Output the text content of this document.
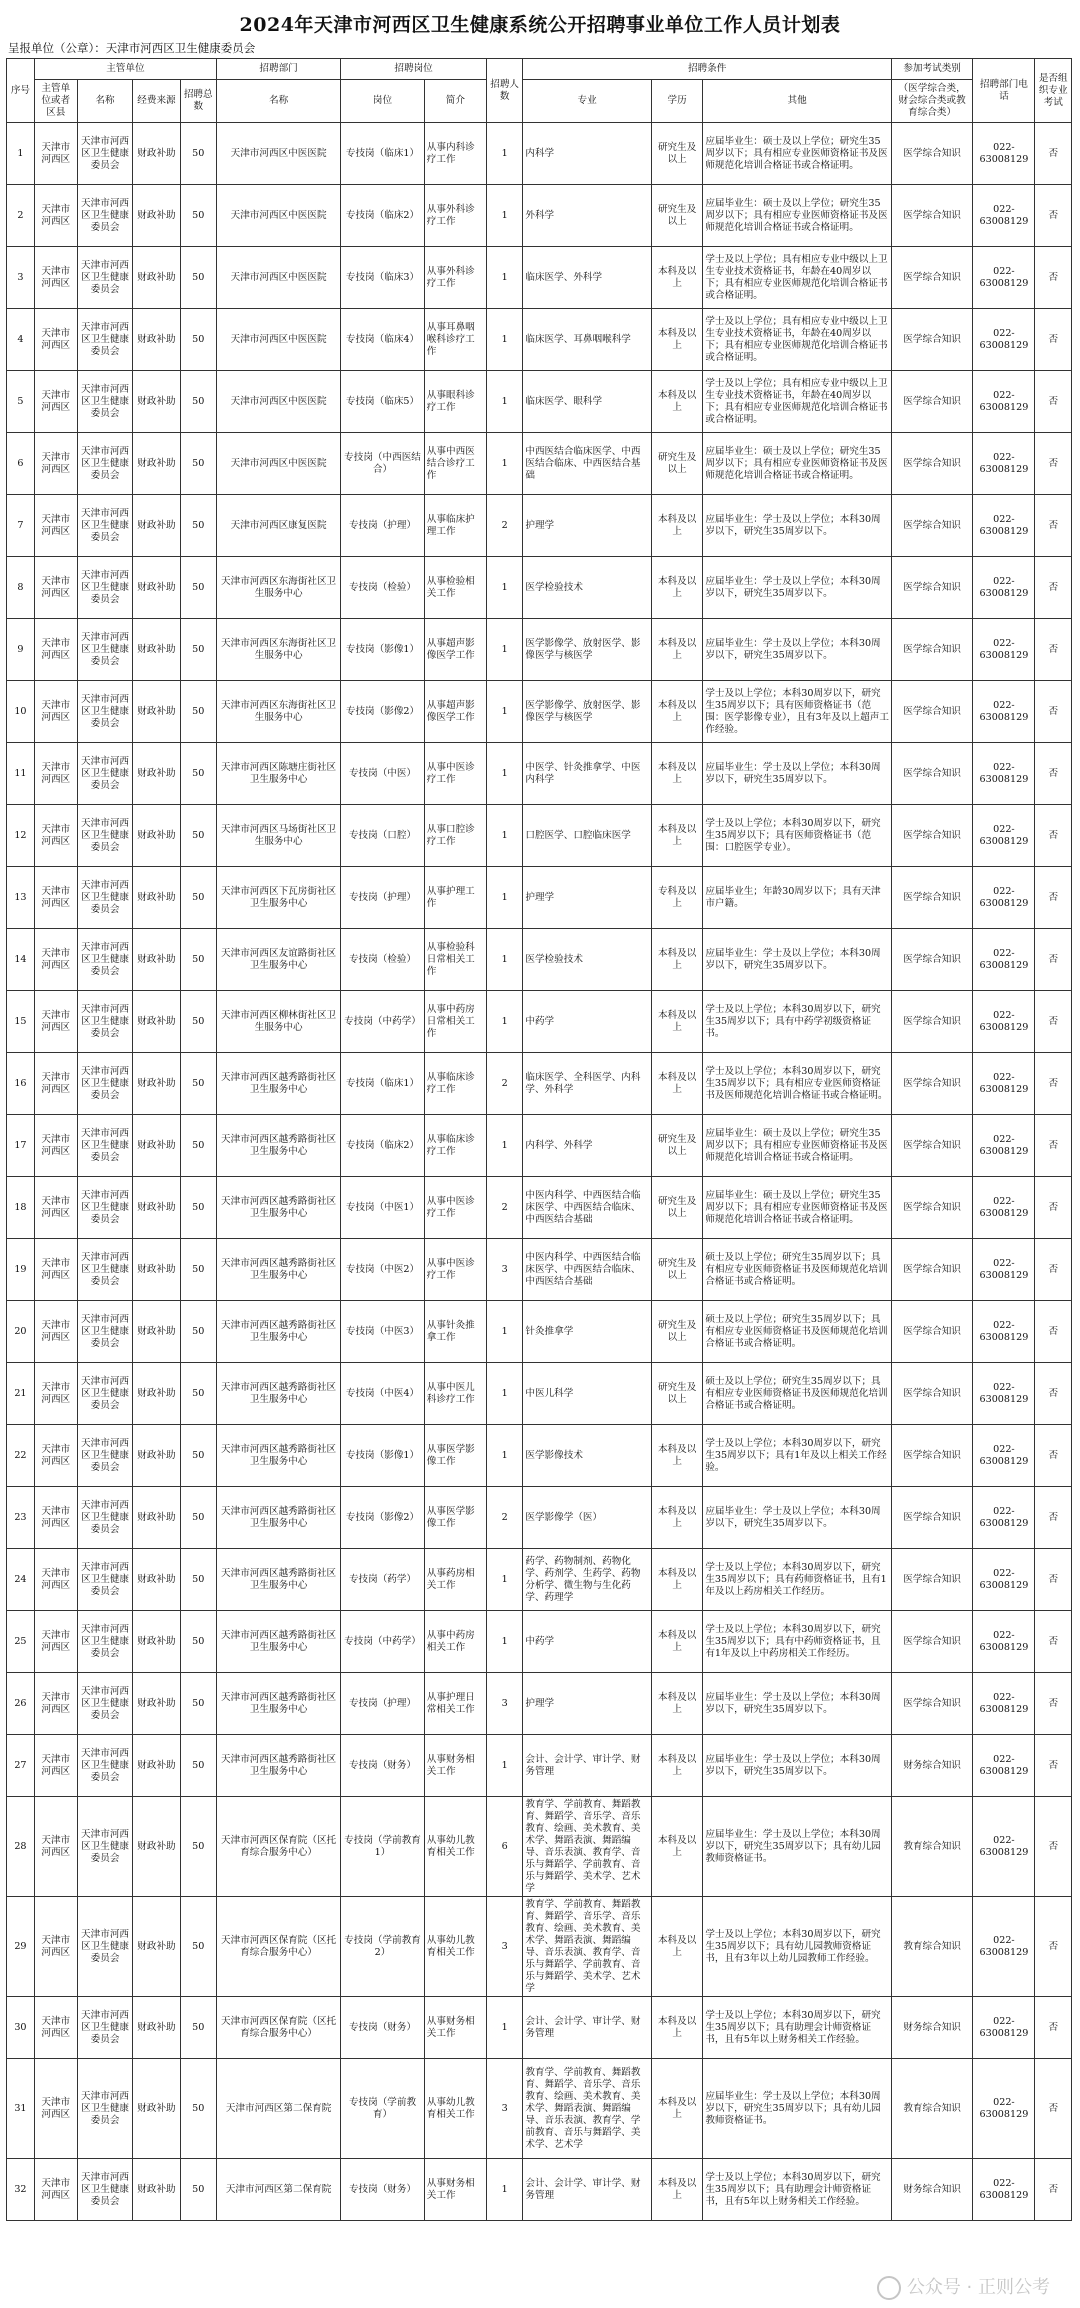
2024年天津市河西区卫生健康系统公开招聘事业单位工作人员计划表
呈报单位（公章）：天津市河西区卫生健康委员会
序号	主管单位				招聘部门	招聘岗位		招聘人数	招聘条件			参加考试类别	招聘部门电话	是否组织专业考试
	主管单位或者区县	名称	经费来源	招聘总数	名称	岗位	简介		专业	学历	其他	（医学综合类，财会综合类或教育综合类）		
1	天津市河西区	天津市河西区卫生健康委员会	财政补助	50	天津市河西区中医医院	专技岗（临床1）	从事内科诊疗工作	1	内科学	研究生及以上	应届毕业生：硕士及以上学位；研究生35周岁以下；具有相应专业医师资格证书及医师规范化培训合格证书或合格证明。	医学综合知识	022-63008129	否
2	天津市河西区	天津市河西区卫生健康委员会	财政补助	50	天津市河西区中医医院	专技岗（临床2）	从事外科诊疗工作	1	外科学	研究生及以上	应届毕业生：硕士及以上学位；研究生35周岁以下；具有相应专业医师资格证书及医师规范化培训合格证书或合格证明。	医学综合知识	022-63008129	否
3	天津市河西区	天津市河西区卫生健康委员会	财政补助	50	天津市河西区中医医院	专技岗（临床3）	从事外科诊疗工作	1	临床医学、外科学	本科及以上	学士及以上学位；具有相应专业中级以上卫生专业技术资格证书，年龄在40周岁以下；具有相应专业医师规范化培训合格证书或合格证明。	医学综合知识	022-63008129	否
4	天津市河西区	天津市河西区卫生健康委员会	财政补助	50	天津市河西区中医医院	专技岗（临床4）	从事耳鼻咽喉科诊疗工作	1	临床医学、耳鼻咽喉科学	本科及以上	学士及以上学位；具有相应专业中级以上卫生专业技术资格证书，年龄在40周岁以下；具有相应专业医师规范化培训合格证书或合格证明。	医学综合知识	022-63008129	否
5	天津市河西区	天津市河西区卫生健康委员会	财政补助	50	天津市河西区中医医院	专技岗（临床5）	从事眼科诊疗工作	1	临床医学、眼科学	本科及以上	学士及以上学位；具有相应专业中级以上卫生专业技术资格证书，年龄在40周岁以下；具有相应专业医师规范化培训合格证书或合格证明。	医学综合知识	022-63008129	否
6	天津市河西区	天津市河西区卫生健康委员会	财政补助	50	天津市河西区中医医院	专技岗（中西医结合）	从事中西医结合诊疗工作	1	中西医结合临床医学、中西医结合临床、中西医结合基础	研究生及以上	应届毕业生：硕士及以上学位；研究生35周岁以下；具有相应专业医师资格证书及医师规范化培训合格证书或合格证明。	医学综合知识	022-63008129	否
7	天津市河西区	天津市河西区卫生健康委员会	财政补助	50	天津市河西区康复医院	专技岗（护理）	从事临床护理工作	2	护理学	本科及以上	应届毕业生：学士及以上学位；本科30周岁以下，研究生35周岁以下。	医学综合知识	022-63008129	否
8	天津市河西区	天津市河西区卫生健康委员会	财政补助	50	天津市河西区东海街社区卫生服务中心	专技岗（检验）	从事检验相关工作	1	医学检验技术	本科及以上	应届毕业生：学士及以上学位；本科30周岁以下，研究生35周岁以下。	医学综合知识	022-63008129	否
9	天津市河西区	天津市河西区卫生健康委员会	财政补助	50	天津市河西区东海街社区卫生服务中心	专技岗（影像1）	从事超声影像医学工作	1	医学影像学、放射医学、影像医学与核医学	本科及以上	应届毕业生：学士及以上学位；本科30周岁以下，研究生35周岁以下。	医学综合知识	022-63008129	否
10	天津市河西区	天津市河西区卫生健康委员会	财政补助	50	天津市河西区东海街社区卫生服务中心	专技岗（影像2）	从事超声影像医学工作	1	医学影像学、放射医学、影像医学与核医学	本科及以上	学士及以上学位；本科30周岁以下，研究生35周岁以下；具有医师资格证书（范围：医学影像专业），且有3年及以上超声工作经验。	医学综合知识	022-63008129	否
11	天津市河西区	天津市河西区卫生健康委员会	财政补助	50	天津市河西区陈塘庄街社区卫生服务中心	专技岗（中医）	从事中医诊疗工作	1	中医学、针灸推拿学、中医内科学	本科及以上	应届毕业生：学士及以上学位；本科30周岁以下，研究生35周岁以下。	医学综合知识	022-63008129	否
12	天津市河西区	天津市河西区卫生健康委员会	财政补助	50	天津市河西区马场街社区卫生服务中心	专技岗（口腔）	从事口腔诊疗工作	1	口腔医学、口腔临床医学	本科及以上	学士及以上学位；本科30周岁以下，研究生35周岁以下；具有医师资格证书（范围：口腔医学专业）。	医学综合知识	022-63008129	否
13	天津市河西区	天津市河西区卫生健康委员会	财政补助	50	天津市河西区下瓦房街社区卫生服务中心	专技岗（护理）	从事护理工作	1	护理学	专科及以上	应届毕业生；年龄30周岁以下；具有天津市户籍。	医学综合知识	022-63008129	否
14	天津市河西区	天津市河西区卫生健康委员会	财政补助	50	天津市河西区友谊路街社区卫生服务中心	专技岗（检验）	从事检验科日常相关工作	1	医学检验技术	本科及以上	应届毕业生：学士及以上学位；本科30周岁以下，研究生35周岁以下。	医学综合知识	022-63008129	否
15	天津市河西区	天津市河西区卫生健康委员会	财政补助	50	天津市河西区柳林街社区卫生服务中心	专技岗（中药学）	从事中药房日常相关工作	1	中药学	本科及以上	学士及以上学位；本科30周岁以下，研究生35周岁以下；具有中药学初级资格证书。	医学综合知识	022-63008129	否
16	天津市河西区	天津市河西区卫生健康委员会	财政补助	50	天津市河西区越秀路街社区卫生服务中心	专技岗（临床1）	从事临床诊疗工作	2	临床医学、全科医学、内科学、外科学	本科及以上	学士及以上学位；本科30周岁以下，研究生35周岁以下；具有相应专业医师资格证书及医师规范化培训合格证书或合格证明。	医学综合知识	022-63008129	否
17	天津市河西区	天津市河西区卫生健康委员会	财政补助	50	天津市河西区越秀路街社区卫生服务中心	专技岗（临床2）	从事临床诊疗工作	1	内科学、外科学	研究生及以上	应届毕业生：硕士及以上学位；研究生35周岁以下；具有相应专业医师资格证书及医师规范化培训合格证书或合格证明。	医学综合知识	022-63008129	否
18	天津市河西区	天津市河西区卫生健康委员会	财政补助	50	天津市河西区越秀路街社区卫生服务中心	专技岗（中医1）	从事中医诊疗工作	2	中医内科学、中西医结合临床医学、中西医结合临床、中西医结合基础	研究生及以上	应届毕业生：硕士及以上学位；研究生35周岁以下；具有相应专业医师资格证书及医师规范化培训合格证书或合格证明。	医学综合知识	022-63008129	否
19	天津市河西区	天津市河西区卫生健康委员会	财政补助	50	天津市河西区越秀路街社区卫生服务中心	专技岗（中医2）	从事中医诊疗工作	3	中医内科学、中西医结合临床医学、中西医结合临床、中西医结合基础	研究生及以上	硕士及以上学位；研究生35周岁以下；具有相应专业医师资格证书及医师规范化培训合格证书或合格证明。	医学综合知识	022-63008129	否
20	天津市河西区	天津市河西区卫生健康委员会	财政补助	50	天津市河西区越秀路街社区卫生服务中心	专技岗（中医3）	从事针灸推拿工作	1	针灸推拿学	研究生及以上	硕士及以上学位；研究生35周岁以下；具有相应专业医师资格证书及医师规范化培训合格证书或合格证明。	医学综合知识	022-63008129	否
21	天津市河西区	天津市河西区卫生健康委员会	财政补助	50	天津市河西区越秀路街社区卫生服务中心	专技岗（中医4）	从事中医儿科诊疗工作	1	中医儿科学	研究生及以上	硕士及以上学位；研究生35周岁以下；具有相应专业医师资格证书及医师规范化培训合格证书或合格证明。	医学综合知识	022-63008129	否
22	天津市河西区	天津市河西区卫生健康委员会	财政补助	50	天津市河西区越秀路街社区卫生服务中心	专技岗（影像1）	从事医学影像工作	1	医学影像技术	本科及以上	学士及以上学位；本科30周岁以下，研究生35周岁以下；具有1年及以上相关工作经验。	医学综合知识	022-63008129	否
23	天津市河西区	天津市河西区卫生健康委员会	财政补助	50	天津市河西区越秀路街社区卫生服务中心	专技岗（影像2）	从事医学影像工作	2	医学影像学（医）	本科及以上	应届毕业生：学士及以上学位；本科30周岁以下，研究生35周岁以下。	医学综合知识	022-63008129	否
24	天津市河西区	天津市河西区卫生健康委员会	财政补助	50	天津市河西区越秀路街社区卫生服务中心	专技岗（药学）	从事药房相关工作	1	药学、药物制剂、药物化学、药剂学、生药学、药物分析学、微生物与生化药学、药理学	本科及以上	学士及以上学位；本科30周岁以下，研究生35周岁以下；具有药师资格证书，且有1年及以上药房相关工作经历。	医学综合知识	022-63008129	否
25	天津市河西区	天津市河西区卫生健康委员会	财政补助	50	天津市河西区越秀路街社区卫生服务中心	专技岗（中药学）	从事中药房相关工作	1	中药学	本科及以上	学士及以上学位；本科30周岁以下，研究生35周岁以下；具有中药师资格证书，且有1年及以上中药房相关工作经历。	医学综合知识	022-63008129	否
26	天津市河西区	天津市河西区卫生健康委员会	财政补助	50	天津市河西区越秀路街社区卫生服务中心	专技岗（护理）	从事护理日常相关工作	3	护理学	本科及以上	应届毕业生：学士及以上学位；本科30周岁以下，研究生35周岁以下。	医学综合知识	022-63008129	否
27	天津市河西区	天津市河西区卫生健康委员会	财政补助	50	天津市河西区越秀路街社区卫生服务中心	专技岗（财务）	从事财务相关工作	1	会计、会计学、审计学、财务管理	本科及以上	应届毕业生：学士及以上学位；本科30周岁以下，研究生35周岁以下。	财务综合知识	022-63008129	否
28	天津市河西区	天津市河西区卫生健康委员会	财政补助	50	天津市河西区保育院（区托育综合服务中心）	专技岗（学前教育1）	从事幼儿教育相关工作	6	教育学、学前教育、舞蹈教育、舞蹈学、音乐学、音乐教育、绘画、美术教育、美术学、舞蹈表演、舞蹈编导、音乐表演、教育学、音乐与舞蹈学、学前教育、音乐与舞蹈学、美术学、艺术学	本科及以上	应届毕业生：学士及以上学位；本科30周岁以下，研究生35周岁以下；具有幼儿园教师资格证书。	教育综合知识	022-63008129	否
29	天津市河西区	天津市河西区卫生健康委员会	财政补助	50	天津市河西区保育院（区托育综合服务中心）	专技岗（学前教育2）	从事幼儿教育相关工作	3	教育学、学前教育、舞蹈教育、舞蹈学、音乐学、音乐教育、绘画、美术教育、美术学、舞蹈表演、舞蹈编导、音乐表演、教育学、音乐与舞蹈学、学前教育、音乐与舞蹈学、美术学、艺术学	本科及以上	学士及以上学位；本科30周岁以下，研究生35周岁以下；具有幼儿园教师资格证书，且有3年以上幼儿园教师工作经验。	教育综合知识	022-63008129	否
30	天津市河西区	天津市河西区卫生健康委员会	财政补助	50	天津市河西区保育院（区托育综合服务中心）	专技岗（财务）	从事财务相关工作	1	会计、会计学、审计学、财务管理	本科及以上	学士及以上学位；本科30周岁以下，研究生35周岁以下；具有助理会计师资格证书，且有5年以上财务相关工作经验。	财务综合知识	022-63008129	否
31	天津市河西区	天津市河西区卫生健康委员会	财政补助	50	天津市河西区第二保育院	专技岗（学前教育）	从事幼儿教育相关工作	3	教育学、学前教育、舞蹈教育、舞蹈学、音乐学、音乐教育、绘画、美术教育、美术学、舞蹈表演、舞蹈编导、音乐表演、教育学、学前教育、音乐与舞蹈学、美术学、艺术学	本科及以上	应届毕业生：学士及以上学位；本科30周岁以下，研究生35周岁以下；具有幼儿园教师资格证书。	教育综合知识	022-63008129	否
32	天津市河西区	天津市河西区卫生健康委员会	财政补助	50	天津市河西区第二保育院	专技岗（财务）	从事财务相关工作	1	会计、会计学、审计学、财务管理	本科及以上	学士及以上学位；本科30周岁以下，研究生35周岁以下；具有助理会计师资格证书，且有5年以上财务相关工作经验。	财务综合知识	022-63008129	否
公众号 · 正则公考
